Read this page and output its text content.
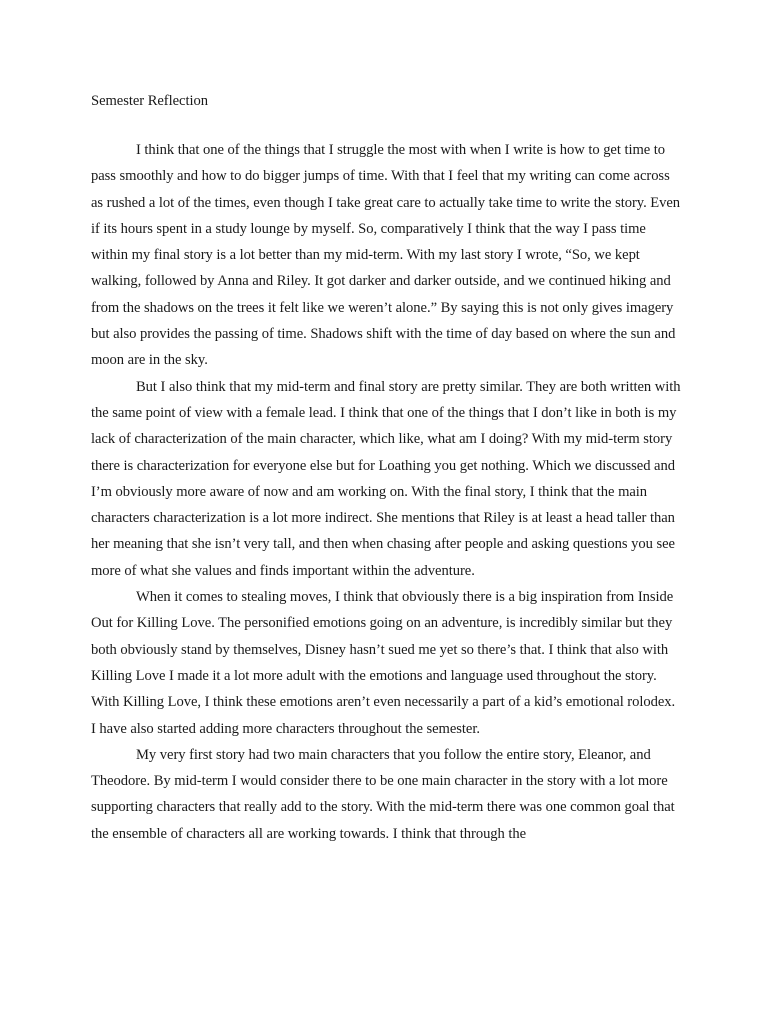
Semester Reflection

I think that one of the things that I struggle the most with when I write is how to get time to pass smoothly and how to do bigger jumps of time. With that I feel that my writing can come across as rushed a lot of the times, even though I take great care to actually take time to write the story. Even if its hours spent in a study lounge by myself. So, comparatively I think that the way I pass time within my final story is a lot better than my mid-term. With my last story I wrote, “So, we kept walking, followed by Anna and Riley. It got darker and darker outside, and we continued hiking and from the shadows on the trees it felt like we weren’t alone.” By saying this is not only gives imagery but also provides the passing of time. Shadows shift with the time of day based on where the sun and moon are in the sky.

But I also think that my mid-term and final story are pretty similar. They are both written with the same point of view with a female lead. I think that one of the things that I don’t like in both is my lack of characterization of the main character, which like, what am I doing? With my mid-term story there is characterization for everyone else but for Loathing you get nothing. Which we discussed and I’m obviously more aware of now and am working on. With the final story, I think that the main characters characterization is a lot more indirect. She mentions that Riley is at least a head taller than her meaning that she isn’t very tall, and then when chasing after people and asking questions you see more of what she values and finds important within the adventure.

When it comes to stealing moves, I think that obviously there is a big inspiration from Inside Out for Killing Love. The personified emotions going on an adventure, is incredibly similar but they both obviously stand by themselves, Disney hasn’t sued me yet so there’s that. I think that also with Killing Love I made it a lot more adult with the emotions and language used throughout the story. With Killing Love, I think these emotions aren’t even necessarily a part of a kid’s emotional rolodex. I have also started adding more characters throughout the semester.

My very first story had two main characters that you follow the entire story, Eleanor, and Theodore. By mid-term I would consider there to be one main character in the story with a lot more supporting characters that really add to the story. With the mid-term there was one common goal that the ensemble of characters all are working towards. I think that through the
